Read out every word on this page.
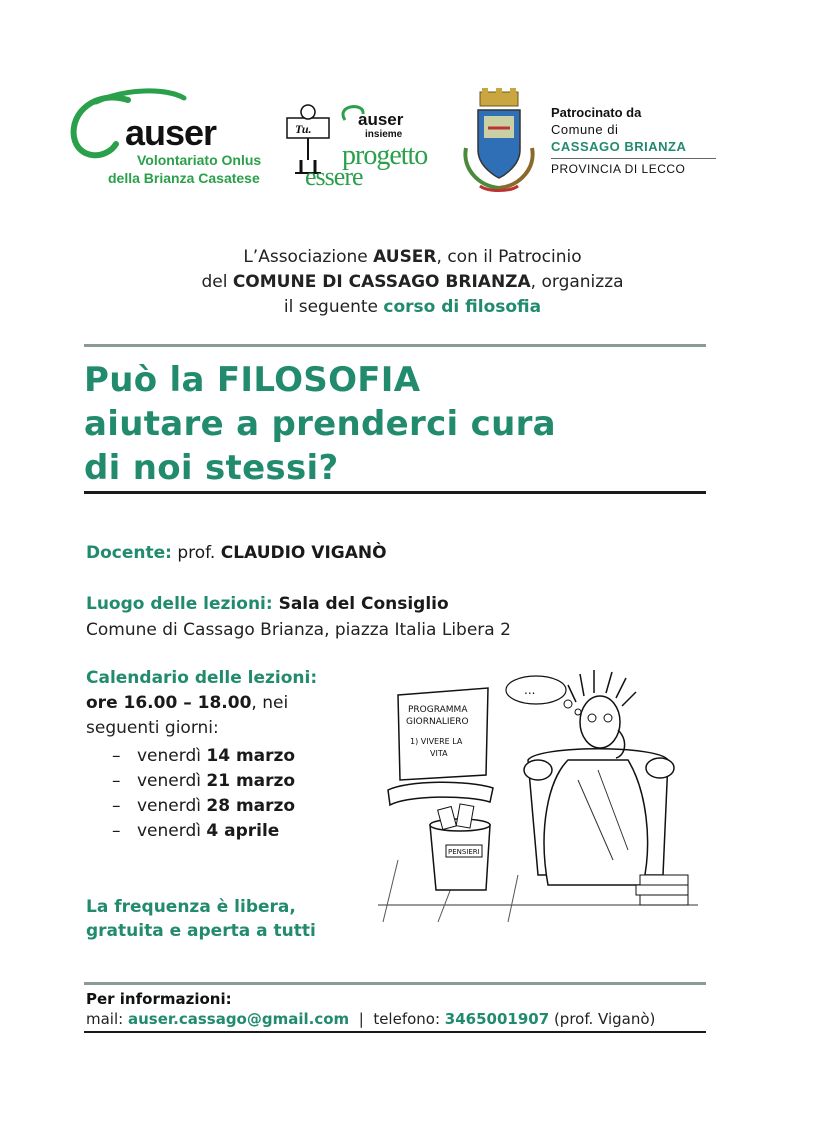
auser
Volontariato Onlus
della Brianza Casatese
Tu.	auser
insieme
progetto
essere
Patrocinato da
Comune di
CASSAGO BRIANZA
PROVINCIA DI LECCO
L’Associazione AUSER, con il Patrocinio
del COMUNE DI CASSAGO BRIANZA, organizza
il seguente corso di filosofia
Può la FILOSOFIA
aiutare a prenderci cura
di noi stessi?
Docente: prof. CLAUDIO VIGANÒ
Luogo delle lezioni: Sala del Consiglio
Comune di Cassago Brianza, piazza Italia Libera 2
Calendario delle lezioni:
ore 16.00 – 18.00, nei
seguenti giorni:
– venerdì
14 marzo
– venerdì
21 marzo
– venerdì
28 marzo
– venerdì
4 aprile
PROGRAMMA
GIORNALIERO
1) VIVERE LA
VITA
PENSIERI
...
La frequenza è libera,
gratuita e aperta a tutti
Per informazioni:
mail: auser.cassago@gmail.com  |  telefono: 3465001907 (prof. Viganò)
